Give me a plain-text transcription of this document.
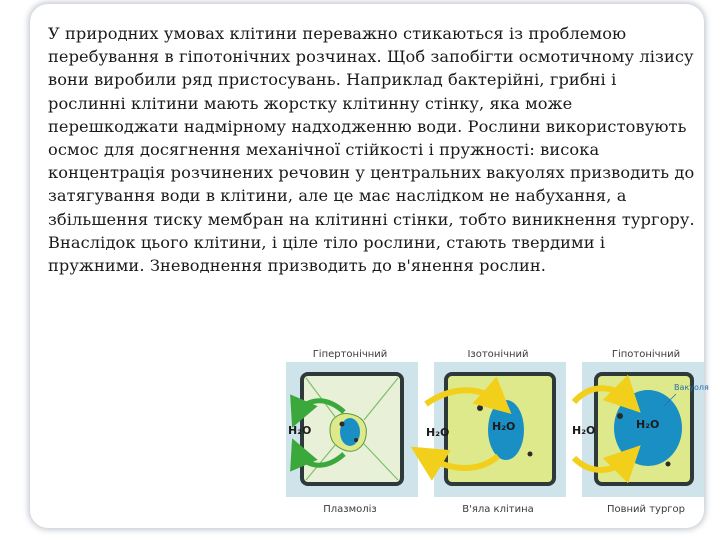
У природних умовах клітини переважно стикаються із проблемою перебування в гіпотонічних розчинах. Щоб запобігти осмотичному лізису вони виробили ряд пристосувань. Наприклад бактерійні, грибні і рослинні клітини мають жорстку клітинну стінку, яка може перешкоджати надмірному надходженню води. Рослини використовують осмос для досягнення механічної стійкості і пружності: висока концентрація розчинених речовин у центральних вакуолях призводить до затягування води в клітини, але це має наслідком не набухання, а збільшення тиску мембран на клітинні стінки, тобто виникнення тургору. Внаслідок цього клітини, і ціле тіло рослини, стають твердими і пружними. Зневоднення призводить до в'янення рослин.

Гіпертонічний	Ізотонічний	Гіпотонічний
H₂O	H₂O	H₂O	H₂O	H₂O
Вакуоля
Плазмоліз	В'яла клітина	Повний тургор
